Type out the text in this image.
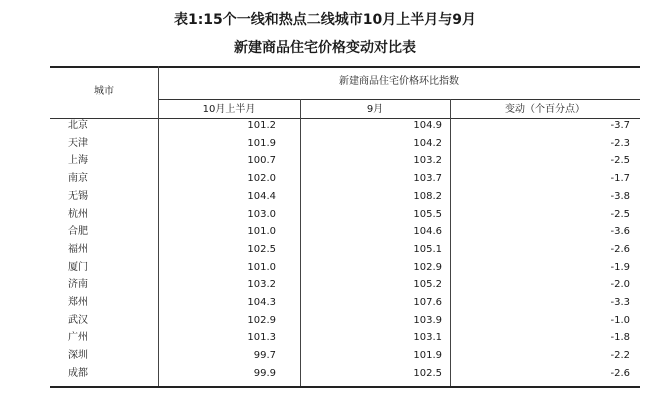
表1:15个一线和热点二线城市10月上半月与9月
新建商品住宅价格变动对比表
城市
新建商品住宅价格环比指数
10月上半月	9月	变动（个百分点）
北京	101.2	104.9	-3.7
天津	101.9	104.2	-2.3
上海	100.7	103.2	-2.5
南京	102.0	103.7	-1.7
无锡	104.4	108.2	-3.8
杭州	103.0	105.5	-2.5
合肥	101.0	104.6	-3.6
福州	102.5	105.1	-2.6
厦门	101.0	102.9	-1.9
济南	103.2	105.2	-2.0
郑州	104.3	107.6	-3.3
武汉	102.9	103.9	-1.0
广州	101.3	103.1	-1.8
深圳	99.7	101.9	-2.2
成都	99.9	102.5	-2.6
